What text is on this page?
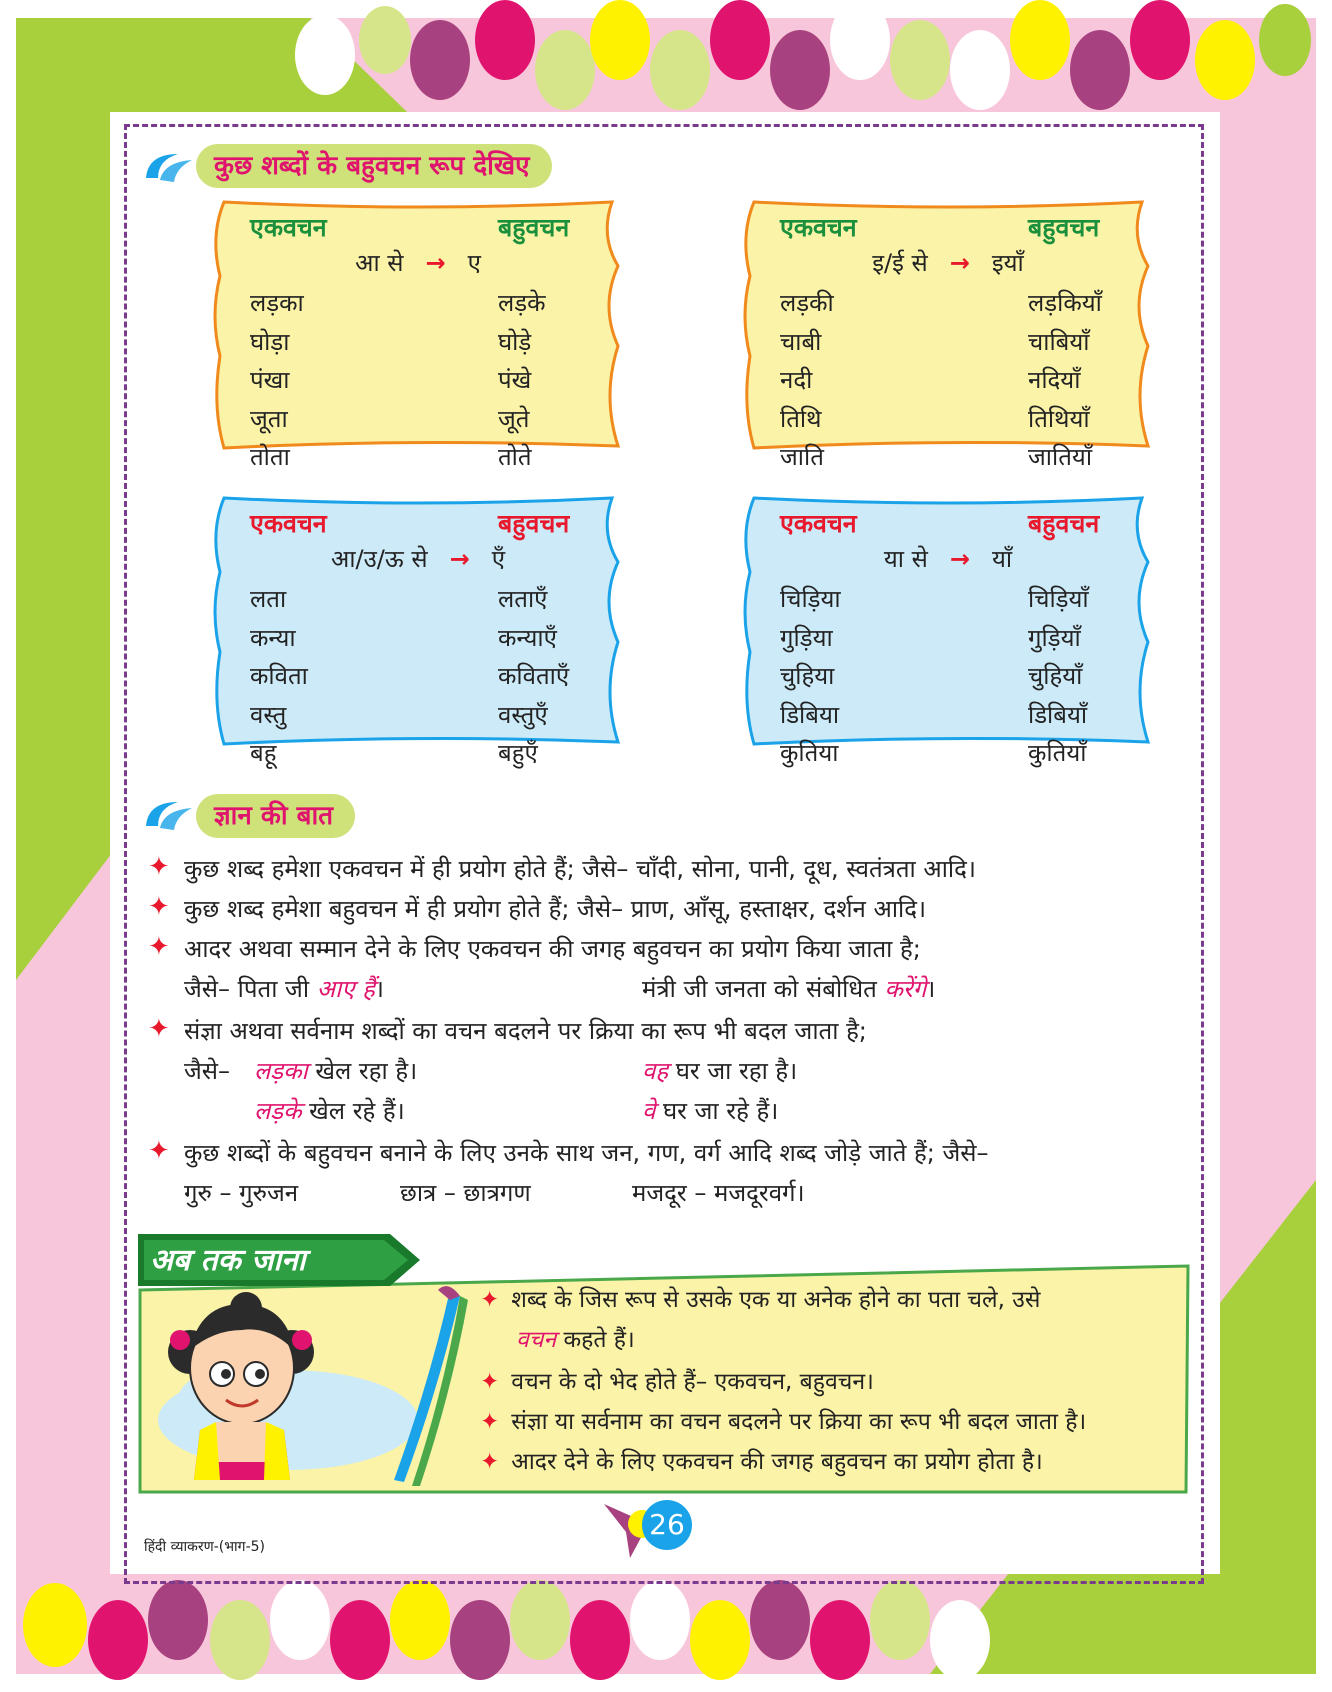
कुछ शब्दों के बहुवचन रूप देखिए
एकवचन	बहुवचन
आ से → ए
लड़का	लड़के
घोड़ा	घोड़े
पंखा	पंखे
जूता	जूते
तोता	तोते
एकवचन	बहुवचन
इ/ई से → इयाँ
लड़की	लड़कियाँ
चाबी	चाबियाँ
नदी	नदियाँ
तिथि	तिथियाँ
जाति	जातियाँ
एकवचन	बहुवचन
आ/उ/ऊ से → एँ
लता	लताएँ
कन्या	कन्याएँ
कविता	कविताएँ
वस्तु	वस्तुएँ
बहू	बहुएँ
एकवचन	बहुवचन
या से → याँ
चिड़िया	चिड़ियाँ
गुड़िया	गुड़ियाँ
चुहिया	चुहियाँ
डिबिया	डिबियाँ
कुतिया	कुतियाँ
ज्ञान की बात
✦ कुछ शब्द हमेशा एकवचन में ही प्रयोग होते हैं; जैसे– चाँदी, सोना, पानी, दूध, स्वतंत्रता आदि।
✦ कुछ शब्द हमेशा बहुवचन में ही प्रयोग होते हैं; जैसे– प्राण, आँसू, हस्ताक्षर, दर्शन आदि।
✦ आदर अथवा सम्मान देने के लिए एकवचन की जगह बहुवचन का प्रयोग किया जाता है;
जैसे– पिता जी आए हैं।	मंत्री जी जनता को संबोधित करेंगे।
✦ संज्ञा अथवा सर्वनाम शब्दों का वचन बदलने पर क्रिया का रूप भी बदल जाता है;
जैसे– लड़का खेल रहा है।	वह घर जा रहा है।
लड़के खेल रहे हैं।	वे घर जा रहे हैं।
✦ कुछ शब्दों के बहुवचन बनाने के लिए उनके साथ जन, गण, वर्ग आदि शब्द जोड़े जाते हैं; जैसे–
गुरु – गुरुजन	छात्र – छात्रगण	मजदूर – मजदूरवर्ग।
अब तक जाना
✦ शब्द के जिस रूप से उसके एक या अनेक होने का पता चले, उसे
वचन कहते हैं।
✦ वचन के दो भेद होते हैं– एकवचन, बहुवचन।
✦ संज्ञा या सर्वनाम का वचन बदलने पर क्रिया का रूप भी बदल जाता है।
✦ आदर देने के लिए एकवचन की जगह बहुवचन का प्रयोग होता है।
हिंदी व्याकरण-(भाग-5)
26
